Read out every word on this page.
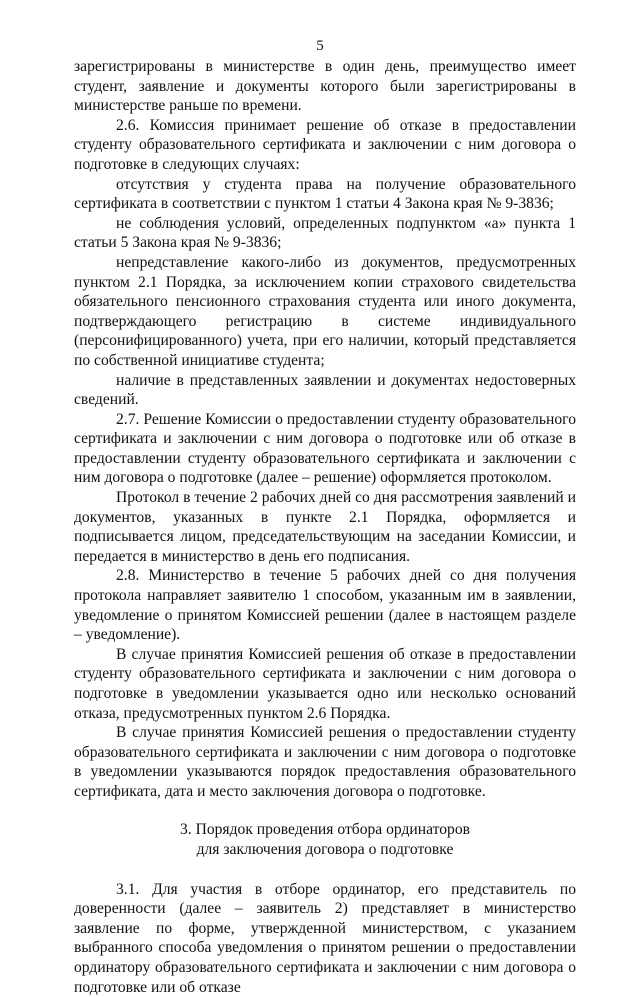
5

зарегистрированы в министерстве в один день, преимущество имеет студент, заявление и документы которого были зарегистрированы в министерстве раньше по времени.

2.6. Комиссия принимает решение об отказе в предоставлении студенту образовательного сертификата и заключении с ним договора о подготовке в следующих случаях:

отсутствия у студента права на получение образовательного сертификата в соответствии с пунктом 1 статьи 4 Закона края № 9-3836;

не соблюдения условий, определенных подпунктом «а» пункта 1 статьи 5 Закона края № 9-3836;

непредставление какого-либо из документов, предусмотренных пунктом 2.1 Порядка, за исключением копии страхового свидетельства обязательного пенсионного страхования студента или иного документа, подтверждающего регистрацию в системе индивидуального (персонифицированного) учета, при его наличии, который представляется по собственной инициативе студента;

наличие в представленных заявлении и документах недостоверных сведений.

2.7. Решение Комиссии о предоставлении студенту образовательного сертификата и заключении с ним договора о подготовке или об отказе в предоставлении студенту образовательного сертификата и заключении с ним договора о подготовке (далее – решение) оформляется протоколом.

Протокол в течение 2 рабочих дней со дня рассмотрения заявлений и документов, указанных в пункте 2.1 Порядка, оформляется и подписывается лицом, председательствующим на заседании Комиссии, и передается в министерство в день его подписания.

2.8. Министерство в течение 5 рабочих дней со дня получения протокола направляет заявителю 1 способом, указанным им в заявлении, уведомление о принятом Комиссией решении (далее в настоящем разделе – уведомление).

В случае принятия Комиссией решения об отказе в предоставлении студенту образовательного сертификата и заключении с ним договора о подготовке в уведомлении указывается одно или несколько оснований отказа, предусмотренных пунктом 2.6 Порядка.

В случае принятия Комиссией решения о предоставлении студенту образовательного сертификата и заключении с ним договора о подготовке в уведомлении указываются порядок предоставления образовательного сертификата, дата и место заключения договора о подготовке.

3. Порядок проведения отбора ординаторов

для заключения договора о подготовке

3.1. Для участия в отборе ординатор, его представитель по доверенности (далее – заявитель 2) представляет в министерство заявление по форме, утвержденной министерством, с указанием выбранного способа уведомления о принятом решении о предоставлении ординатору образовательного сертификата и заключении с ним договора о подготовке или об отказе
